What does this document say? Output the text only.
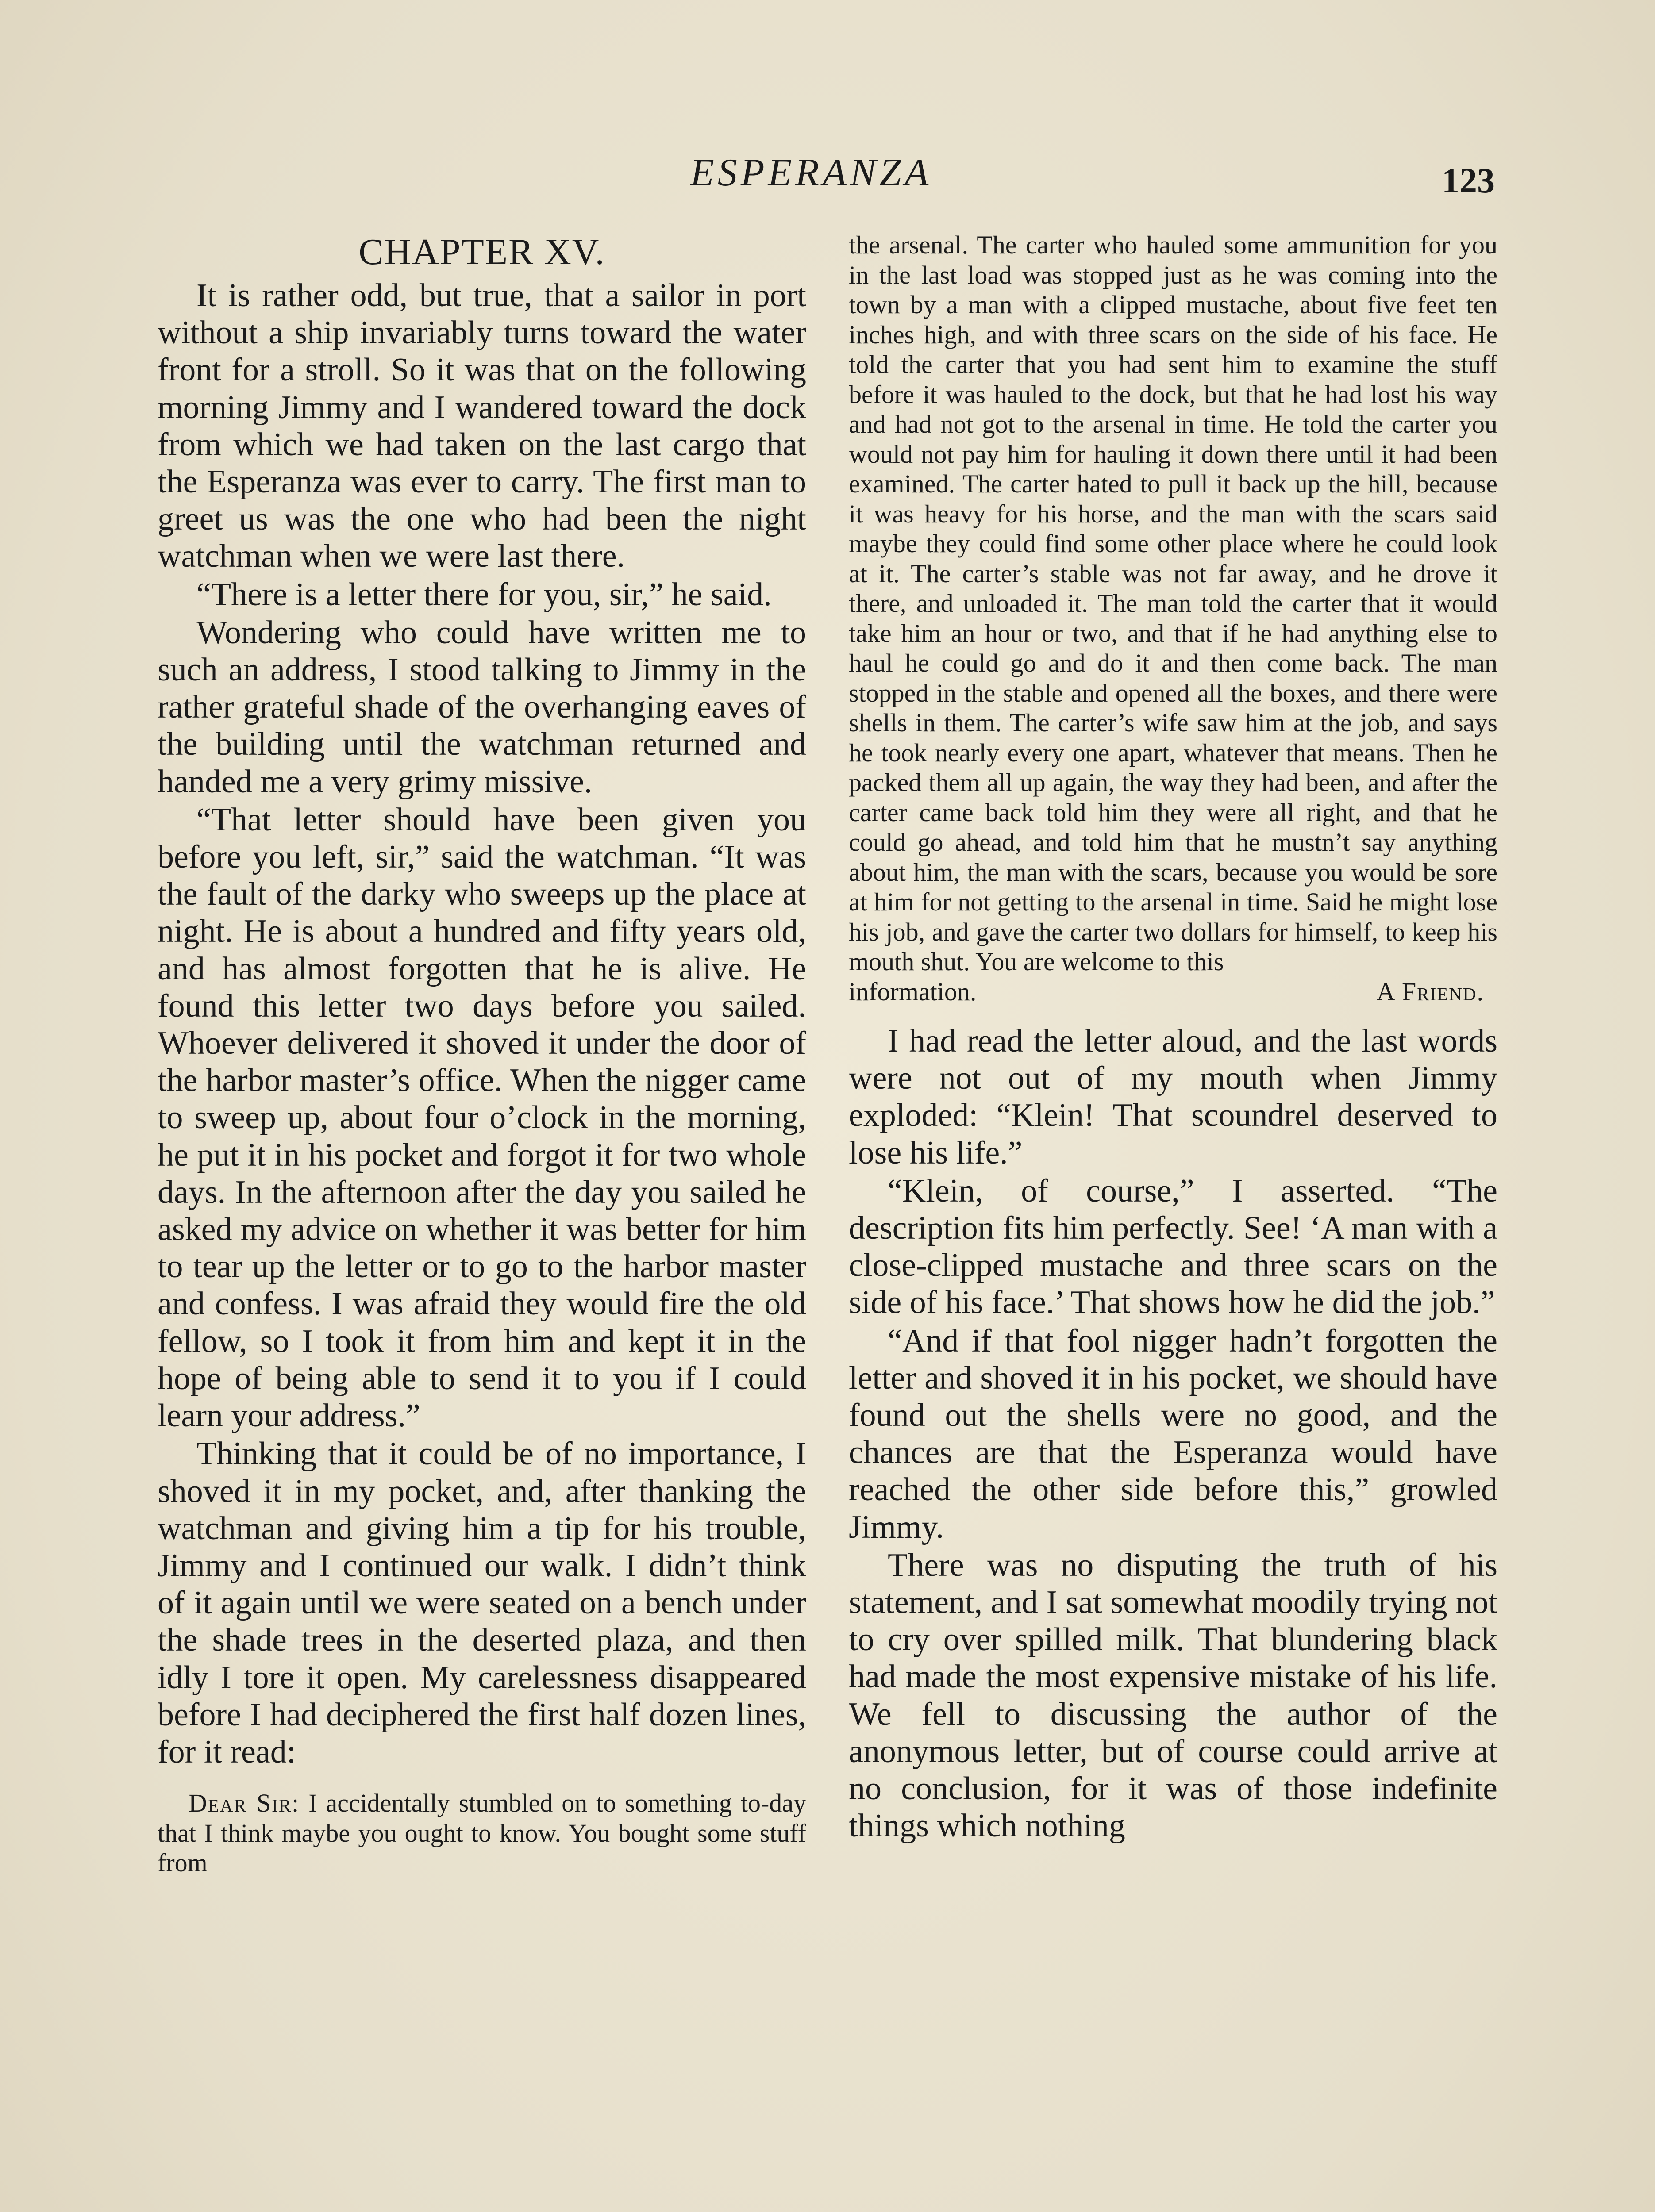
ESPERANZA	123
CHAPTER XV.

It is rather odd, but true, that a sailor in port without a ship invariably turns toward the water front for a stroll. So it was that on the following morning Jimmy and I wandered toward the dock from which we had taken on the last cargo that the Esperanza was ever to carry. The first man to greet us was the one who had been the night watchman when we were last there.

“There is a letter there for you, sir,” he said.

Wondering who could have written me to such an address, I stood talking to Jimmy in the rather grateful shade of the overhanging eaves of the building until the watchman returned and handed me a very grimy missive.

“That letter should have been given you before you left, sir,” said the watchman. “It was the fault of the darky who sweeps up the place at night. He is about a hundred and fifty years old, and has almost forgotten that he is alive. He found this letter two days before you sailed. Whoever delivered it shoved it under the door of the harbor master’s office. When the nigger came to sweep up, about four o’clock in the morning, he put it in his pocket and forgot it for two whole days. In the afternoon after the day you sailed he asked my advice on whether it was better for him to tear up the letter or to go to the harbor master and confess. I was afraid they would fire the old fellow, so I took it from him and kept it in the hope of being able to send it to you if I could learn your address.”

Thinking that it could be of no importance, I shoved it in my pocket, and, after thanking the watchman and giving him a tip for his trouble, Jimmy and I continued our walk. I didn’t think of it again until we were seated on a bench under the shade trees in the deserted plaza, and then idly I tore it open. My carelessness disappeared before I had deciphered the first half dozen lines, for it read:

Dear Sir: I accidentally stumbled on to something to-day that I think maybe you ought to know. You bought some stuff from

the arsenal. The carter who hauled some ammunition for you in the last load was stopped just as he was coming into the town by a man with a clipped mustache, about five feet ten inches high, and with three scars on the side of his face. He told the carter that you had sent him to examine the stuff before it was hauled to the dock, but that he had lost his way and had not got to the arsenal in time. He told the carter you would not pay him for hauling it down there until it had been examined. The carter hated to pull it back up the hill, because it was heavy for his horse, and the man with the scars said maybe they could find some other place where he could look at it. The carter’s stable was not far away, and he drove it there, and unloaded it. The man told the carter that it would take him an hour or two, and that if he had anything else to haul he could go and do it and then come back. The man stopped in the stable and opened all the boxes, and there were shells in them. The carter’s wife saw him at the job, and says he took nearly every one apart, whatever that means. Then he packed them all up again, the way they had been, and after the carter came back told him they were all right, and that he could go ahead, and told him that he mustn’t say anything about him, the man with the scars, because you would be sore at him for not getting to the arsenal in time. Said he might lose his job, and gave the carter two dollars for himself, to keep his mouth shut. You are welcome to this

information.	A Friend.

I had read the letter aloud, and the last words were not out of my mouth when Jimmy exploded: “Klein! That scoundrel deserved to lose his life.”

“Klein, of course,” I asserted. “The description fits him perfectly. See! ‘A man with a close-clipped mustache and three scars on the side of his face.’ That shows how he did the job.”

“And if that fool nigger hadn’t forgotten the letter and shoved it in his pocket, we should have found out the shells were no good, and the chances are that the Esperanza would have reached the other side before this,” growled Jimmy.

There was no disputing the truth of his statement, and I sat somewhat moodily trying not to cry over spilled milk. That blundering black had made the most expensive mistake of his life. We fell to discussing the author of the anonymous letter, but of course could arrive at no conclusion, for it was of those indefinite things which nothing
